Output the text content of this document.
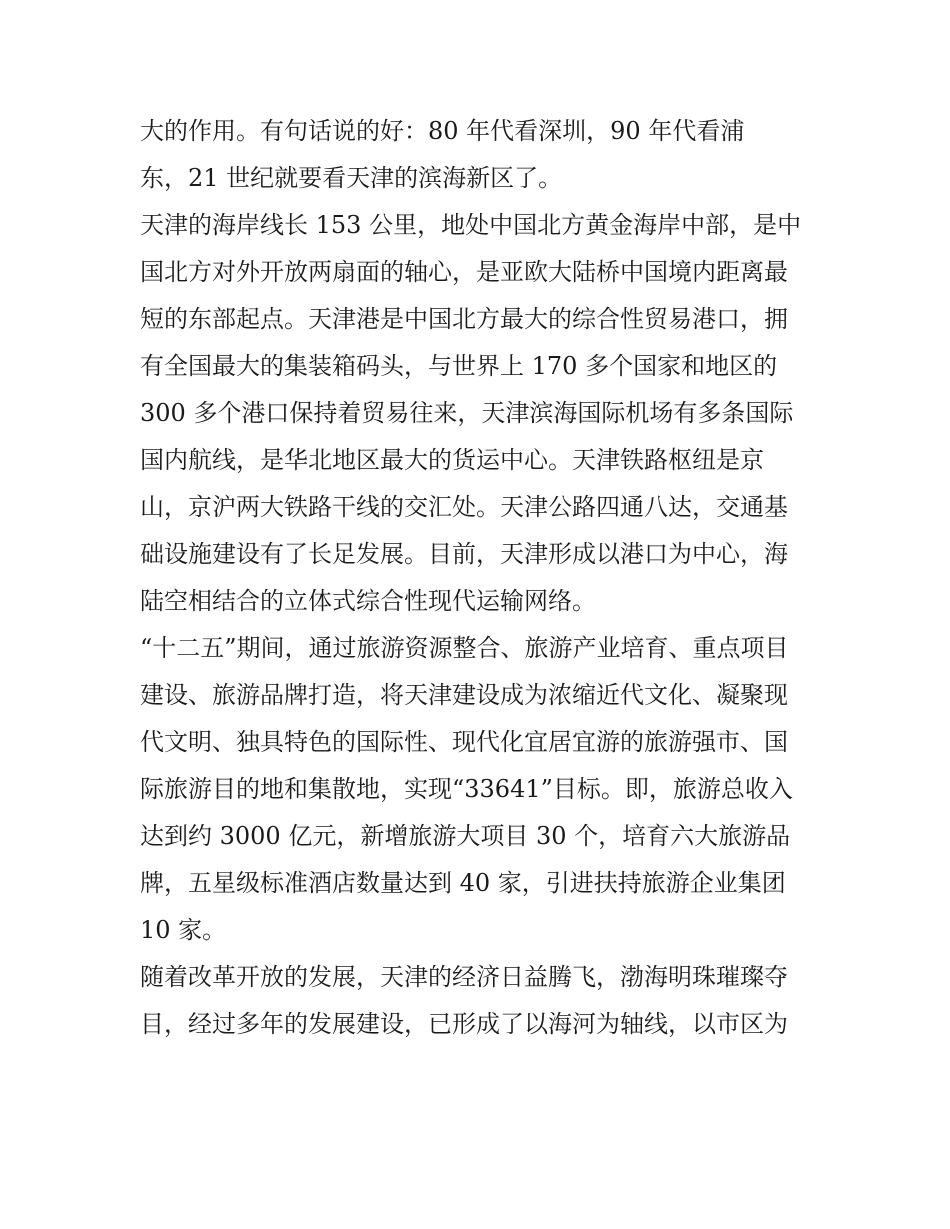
大的作用。有句话说的好：80 年代看深圳，90 年代看浦
东，21 世纪就要看天津的滨海新区了。
天津的海岸线长 153 公里，地处中国北方黄金海岸中部，是中
国北方对外开放两扇面的轴心，是亚欧大陆桥中国境内距离最
短的东部起点。天津港是中国北方最大的综合性贸易港口，拥
有全国最大的集装箱码头，与世界上 170 多个国家和地区的
300 多个港口保持着贸易往来，天津滨海国际机场有多条国际
国内航线，是华北地区最大的货运中心。天津铁路枢纽是京
山，京沪两大铁路干线的交汇处。天津公路四通八达，交通基
础设施建设有了长足发展。目前，天津形成以港口为中心，海
陆空相结合的立体式综合性现代运输网络。
“十二五”期间，通过旅游资源整合、旅游产业培育、重点项目
建设、旅游品牌打造，将天津建设成为浓缩近代文化、凝聚现
代文明、独具特色的国际性、现代化宜居宜游的旅游强市、国
际旅游目的地和集散地，实现“33641”目标。即，旅游总收入
达到约 3000 亿元，新增旅游大项目 30 个，培育六大旅游品
牌，五星级标准酒店数量达到 40 家，引进扶持旅游企业集团
10 家。
随着改革开放的发展，天津的经济日益腾飞，渤海明珠璀璨夺
目，经过多年的发展建设，已形成了以海河为轴线，以市区为
